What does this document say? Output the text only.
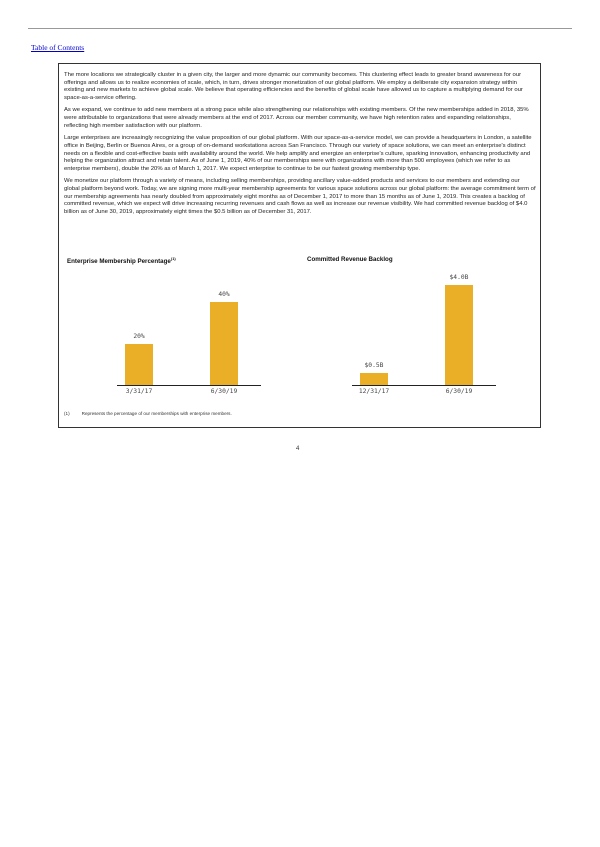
Table of Contents

The more locations we strategically cluster in a given city, the larger and more dynamic our community becomes. This clustering effect leads to greater brand awareness for our offerings and allows us to realize economies of scale, which, in turn, drives stronger monetization of our global platform. We employ a deliberate city expansion strategy within existing and new markets to achieve global scale. We believe that operating efficiencies and the benefits of global scale have allowed us to capture a multiplying demand for our space-as-a-service offering.

As we expand, we continue to add new members at a strong pace while also strengthening our relationships with existing members. Of the new memberships added in 2018, 35% were attributable to organizations that were already members at the end of 2017. Across our member community, we have high retention rates and expanding relationships, reflecting high member satisfaction with our platform.

Large enterprises are increasingly recognizing the value proposition of our global platform. With our space-as-a-service model, we can provide a headquarters in London, a satellite office in Beijing, Berlin or Buenos Aires, or a group of on-demand workstations across San Francisco. Through our variety of space solutions, we can meet an enterprise's distinct needs on a flexible and cost-effective basis with availability around the world. We help amplify and energize an enterprise's culture, sparking innovation, enhancing productivity and helping the organization attract and retain talent. As of June 1, 2019, 40% of our memberships were with organizations with more than 500 employees (which we refer to as enterprise members), double the 20% as of March 1, 2017. We expect enterprise to continue to be our fastest growing membership type.

We monetize our platform through a variety of means, including selling memberships, providing ancillary value-added products and services to our members and extending our global platform beyond work. Today, we are signing more multi-year membership agreements for various space solutions across our global platform: the average commitment term of our membership agreements has nearly doubled from approximately eight months as of December 1, 2017 to more than 15 months as of June 1, 2019. This creates a backlog of committed revenue, which we expect will drive increasing recurring revenues and cash flows as well as increase our revenue visibility. We had committed revenue backlog of $4.0 billion as of June 30, 2019, approximately eight times the $0.5 billion as of December 31, 2017.

Enterprise Membership Percentage$^{(1)}$	Committed Revenue Backlog
20%
3/31/17
40%
6/30/19
$0.5B
12/31/17
$4.0B
6/30/19
(1)	Represents the percentage of our memberships with enterprise members.
4
